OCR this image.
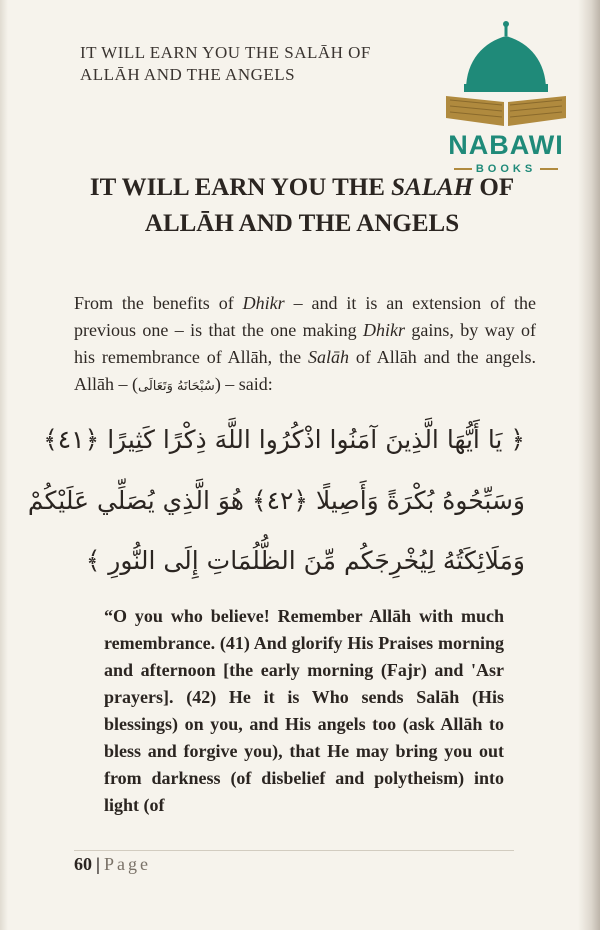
IT WILL EARN YOU THE SALĀH OF
ALLĀH AND THE ANGELS
NABAWI
BOOKS
IT WILL EARN YOU THE SALAH OF
ALLĀH AND THE ANGELS
From the benefits of Dhikr – and it is an extension of the previous one – is that the one making Dhikr gains, by way of his remembrance of Allāh, the Salāh of Allāh and the angels. Allāh – (سُبْحَانَهُ وَتَعَالَى) – said:
﴿ يَا أَيُّهَا الَّذِينَ آمَنُوا اذْكُرُوا اللَّهَ ذِكْرًا كَثِيرًا ﴿٤١﴾
وَسَبِّحُوهُ بُكْرَةً وَأَصِيلًا ﴿٤٢﴾ هُوَ الَّذِي يُصَلِّي عَلَيْكُمْ
وَمَلَائِكَتُهُ لِيُخْرِجَكُم مِّنَ الظُّلُمَاتِ إِلَى النُّورِ ﴾
“O you who believe! Remember Allāh with much remembrance. (41) And glorify His Praises morning and afternoon [the early morning (Fajr) and 'Asr prayers]. (42) He it is Who sends Salāh (His blessings) on you, and His angels too (ask Allāh to bless and forgive you), that He may bring you out from darkness (of disbelief and polytheism) into light (of
60 | Page
